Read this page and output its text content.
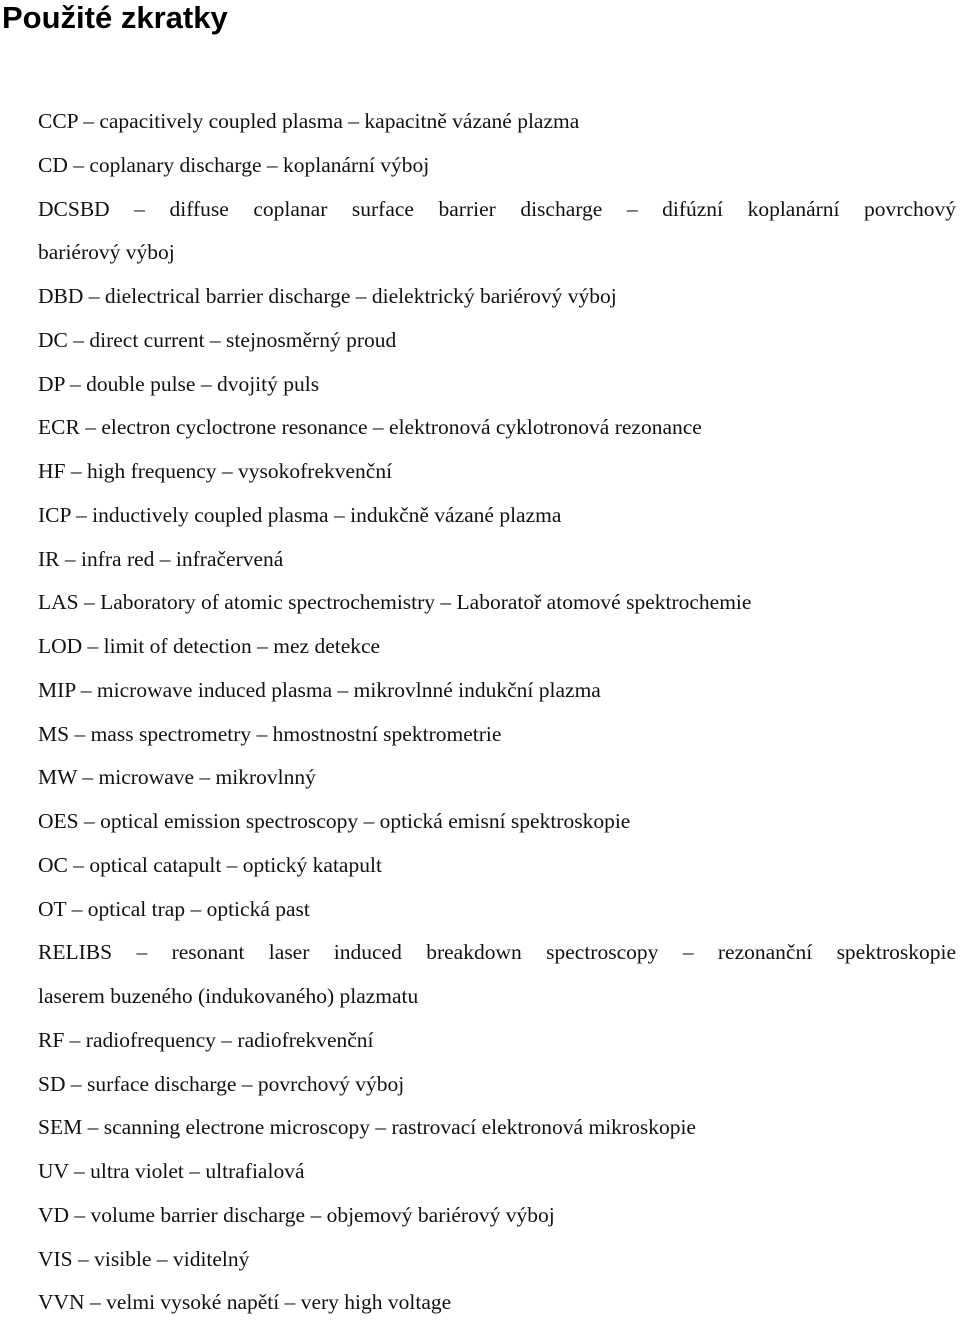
Použité zkratky
CCP – capacitively coupled plasma – kapacitně vázané plazma
CD – coplanary discharge – koplanární výboj
DCSBD – diffuse coplanar surface barrier discharge – difúzní koplanární povrchový
bariérový výboj
DBD – dielectrical barrier discharge – dielektrický bariérový výboj
DC – direct current – stejnosměrný proud
DP – double pulse – dvojitý puls
ECR – electron cycloctrone resonance – elektronová cyklotronová rezonance
HF – high frequency – vysokofrekvenční
ICP – inductively coupled plasma – indukčně vázané plazma
IR – infra red – infračervená
LAS – Laboratory of atomic spectrochemistry – Laboratoř atomové spektrochemie
LOD – limit of detection – mez detekce
MIP – microwave induced plasma – mikrovlnné indukční plazma
MS – mass spectrometry – hmostnostní spektrometrie
MW – microwave – mikrovlnný
OES – optical emission spectroscopy – optická emisní spektroskopie
OC – optical catapult – optický katapult
OT – optical trap – optická past
RELIBS – resonant laser induced breakdown spectroscopy – rezonanční spektroskopie
laserem buzeného (indukovaného) plazmatu
RF – radiofrequency – radiofrekvenční
SD – surface discharge – povrchový výboj
SEM – scanning electrone microscopy – rastrovací elektronová mikroskopie
UV – ultra violet – ultrafialová
VD – volume barrier discharge – objemový bariérový výboj
VIS – visible – viditelný
VVN – velmi vysoké napětí – very high voltage
